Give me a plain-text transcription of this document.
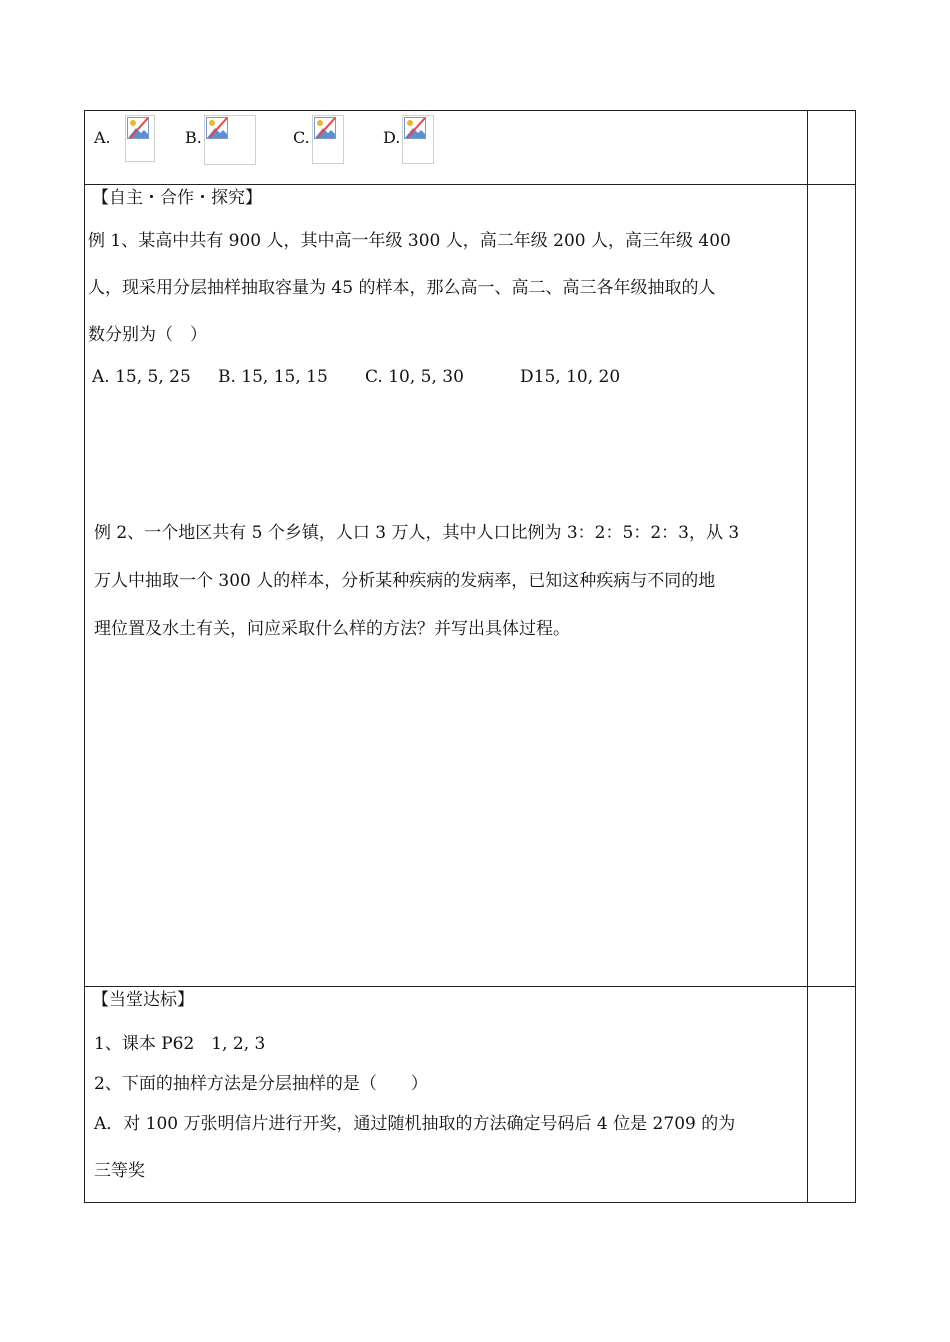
A.	B.	C.	D.
【自主・合作・探究】
例 1、某高中共有 900 人，其中高一年级 300 人，高二年级 200 人，高三年级 400
人，现采用分层抽样抽取容量为 45 的样本，那么高一、高二、高三各年级抽取的人
数分别为（　）
A. 15, 5, 25 B. 15, 15, 15 C. 10, 5, 30	D15, 10, 20
例 2、一个地区共有 5 个乡镇，人口 3 万人，其中人口比例为 3：2：5：2：3，从 3
万人中抽取一个 300 人的样本，分析某种疾病的发病率，已知这种疾病与不同的地
理位置及水土有关，问应采取什么样的方法？并写出具体过程。
【当堂达标】
1、课本 P62　1, 2, 3
2、下面的抽样方法是分层抽样的是（　　）
A．对 100 万张明信片进行开奖，通过随机抽取的方法确定号码后 4 位是 2709 的为
三等奖
